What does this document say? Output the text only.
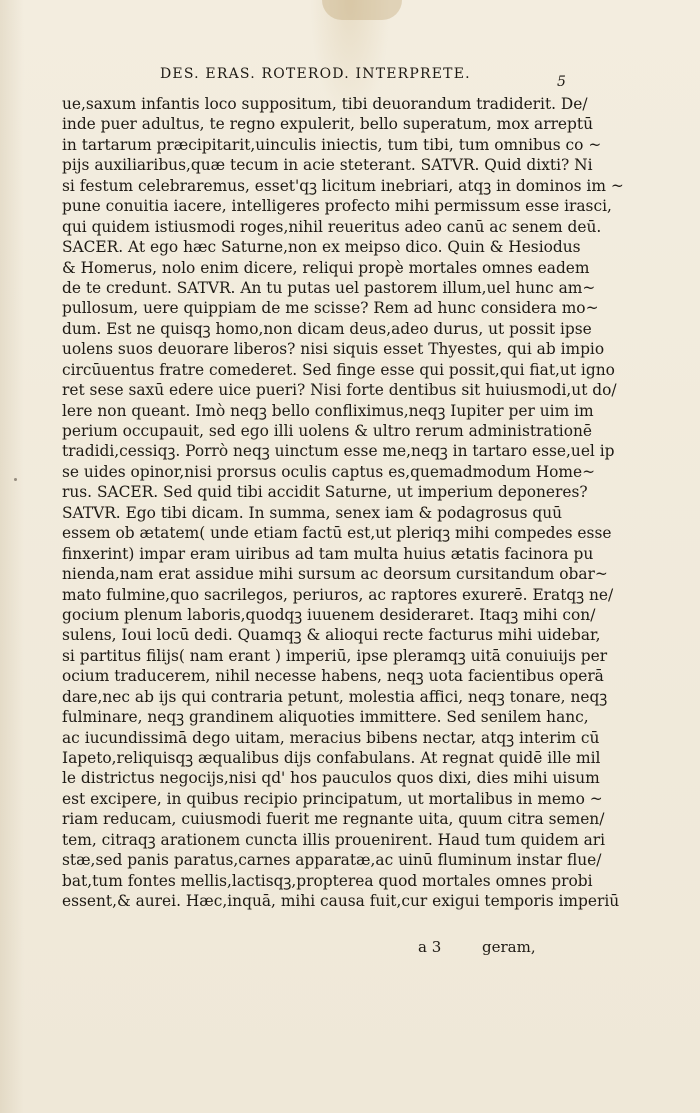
DES. ERAS. ROTEROD. INTERPRETE.	5
ue,saxum infantis loco suppositum, tibi deuorandum tradiderit. De/
inde puer adultus, te regno expulerit, bello superatum, mox arreptū
in tartarum præcipitarit,uinculis iniectis, tum tibi, tum omnibus co ~
pijs auxiliaribus,quæ tecum in acie steterant. SATVR. Quid dixti? Ni
si festum celebraremus, esset'qꝫ licitum inebriari, atqꝫ in dominos im ~
pune conuitia iacere, intelligeres profecto mihi permissum esse irasci,
qui quidem istiusmodi roges,nihil reueritus adeo canū ac senem deū.
SACER. At ego hæc Saturne,non ex meipso dico. Quin & Hesiodus
& Homerus, nolo enim dicere, reliqui propè mortales omnes eadem
de te credunt. SATVR. An tu putas uel pastorem illum,uel hunc am~
pullosum, uere quippiam de me scisse? Rem ad hunc considera mo~
dum. Est ne quisqꝫ homo,non dicam deus,adeo durus, ut possit ipse
uolens suos deuorare liberos? nisi siquis esset Thyestes, qui ab impio
circūuentus fratre comederet. Sed finge esse qui possit,qui fiat,ut igno
ret sese saxū edere uice pueri? Nisi forte dentibus sit huiusmodi,ut do/
lere non queant. Imò neqꝫ bello confliximus,neqꝫ Iupiter per uim im
perium occupauit, sed ego illi uolens & ultro rerum administrationē
tradidi,cessiqꝫ. Porrò neqꝫ uinctum esse me,neqꝫ in tartaro esse,uel ip
se uides opinor,nisi prorsus oculis captus es,quemadmodum Home~
rus. SACER. Sed quid tibi accidit Saturne, ut imperium deponeres?
SATVR. Ego tibi dicam. In summa, senex iam & podagrosus quū
essem ob ætatem( unde etiam factū est,ut pleriqꝫ mihi compedes esse
finxerint) impar eram uiribus ad tam multa huius ætatis facinora pu
nienda,nam erat assidue mihi sursum ac deorsum cursitandum obar~
mato fulmine,quo sacrilegos, periuros, ac raptores exurerē. Eratqꝫ ne/
gocium plenum laboris,quodqꝫ iuuenem desideraret. Itaqꝫ mihi con/
sulens, Ioui locū dedi. Quamqꝫ & alioqui recte facturus mihi uidebar,
si partitus filijs( nam erant ) imperiū, ipse pleramqꝫ uitā conuiuijs per
ocium traducerem, nihil necesse habens, neqꝫ uota facientibus operā
dare,nec ab ijs qui contraria petunt, molestia affici, neqꝫ tonare, neqꝫ
fulminare, neqꝫ grandinem aliquoties immittere. Sed senilem hanc,
ac iucundissimā dego uitam, meracius bibens nectar, atqꝫ interim cū
Iapeto,reliquisqꝫ æqualibus dijs confabulans. At regnat quidē ille mil
le districtus negocijs,nisi qd' hos pauculos quos dixi, dies mihi uisum
est excipere, in quibus recipio principatum, ut mortalibus in memo ~
riam reducam, cuiusmodi fuerit me regnante uita, quum citra semen/
tem, citraqꝫ arationem cuncta illis prouenirent. Haud tum quidem ari
stæ,sed panis paratus,carnes apparatæ,ac uinū fluminum instar flue/
bat,tum fontes mellis,lactisqꝫ,propterea quod mortales omnes probi
essent,& aurei. Hæc,inquā, mihi causa fuit,cur exigui temporis imperiū
a 3	geram,
